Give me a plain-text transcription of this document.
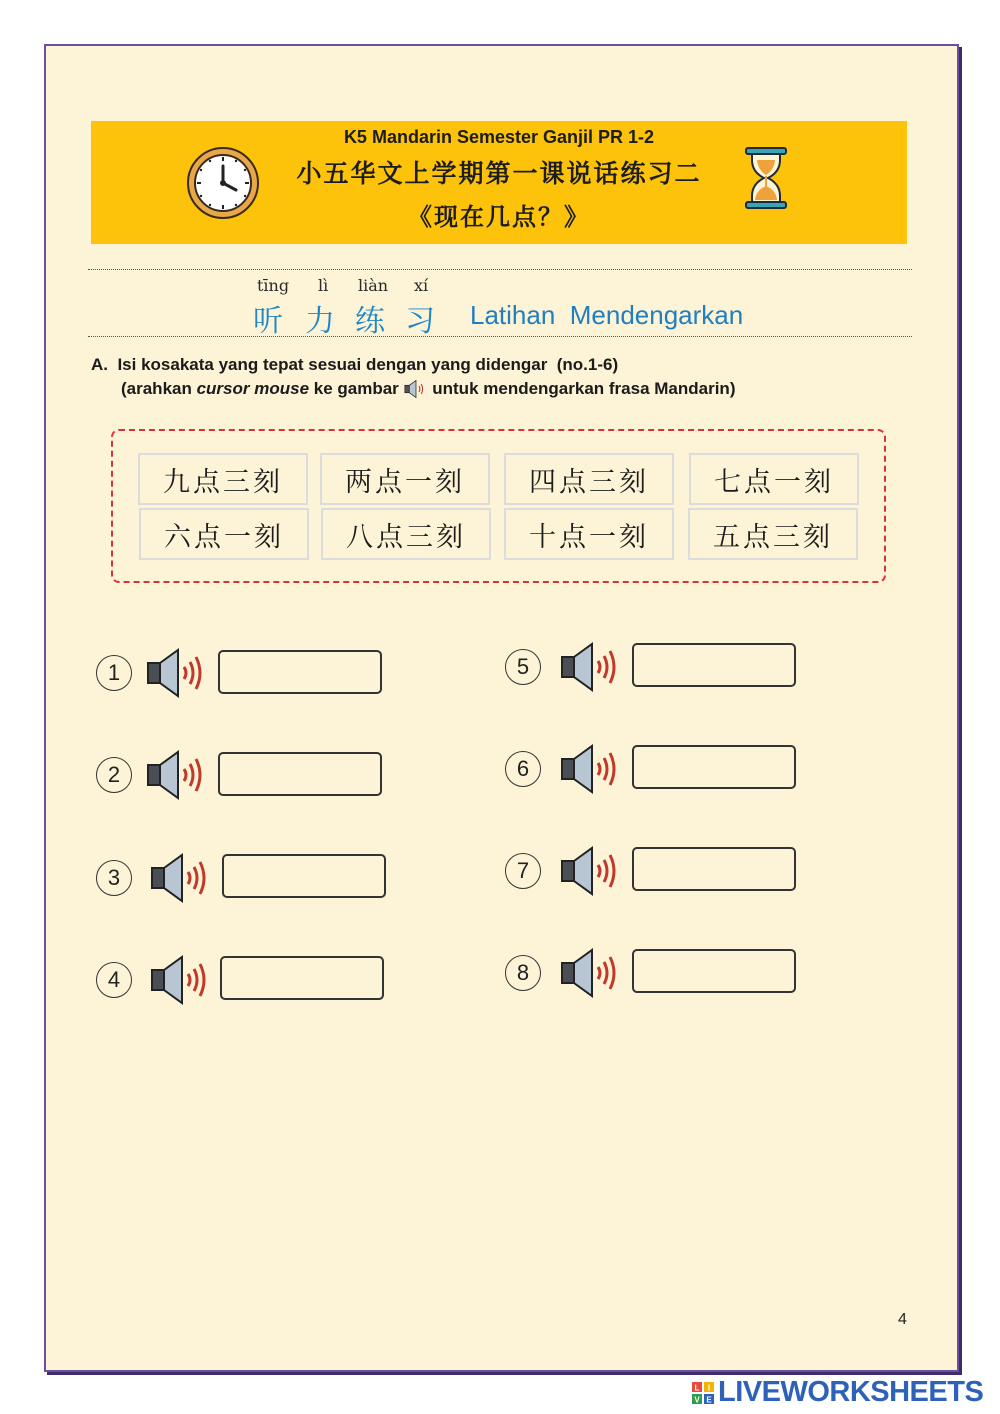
K5 Mandarin Semester Ganjil PR 1-2
小五华文上学期第一课说话练习二
《现在几点？》
tīng lì liàn xí
听 力 练 习 Latihan  Mendengarkan
A.  Isi kosakata yang tepat sesuai dengan yang didengar  (no.1-6)
(arahkan cursor mouse ke gambar untuk mendengarkan frasa Mandarin)
九点三刻	两点一刻	四点三刻	七点一刻
六点一刻	八点三刻	十点一刻	五点三刻
1
2
3
4
5
6
7
8
4
L I
V E LIVEWORKSHEETS
